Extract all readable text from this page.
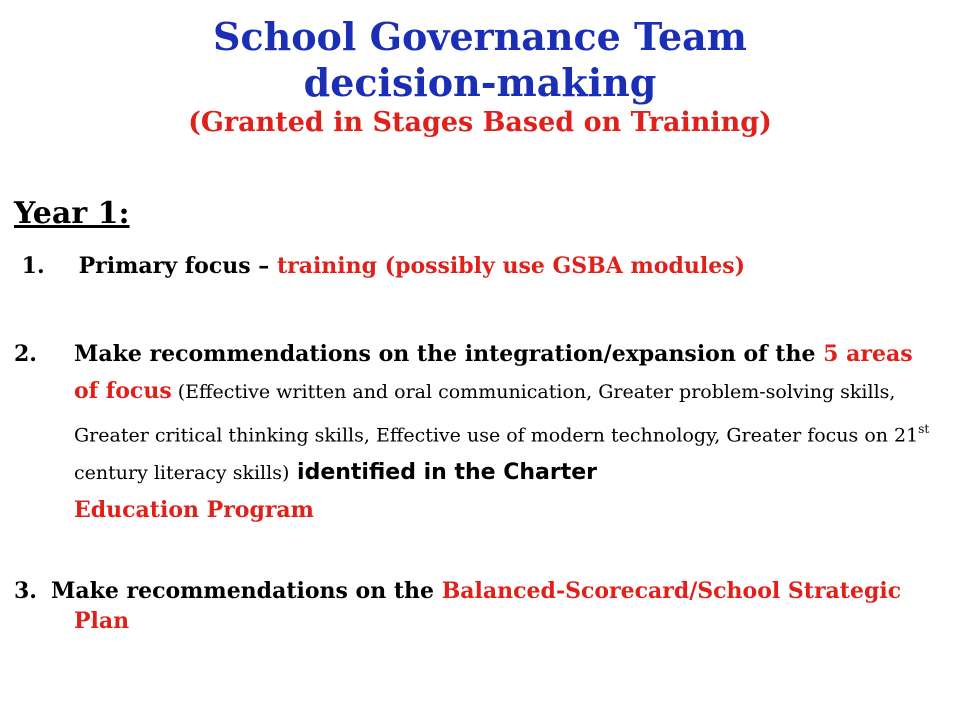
School Governance Team
decision-making
(Granted in Stages Based on Training)
Year 1:
1. Primary focus – training (possibly use GSBA modules)
2.
Make recommendations on the integration/expansion of the 5 areas of focus (Effective written and oral communication, Greater problem-solving skills, Greater critical thinking skills, Effective use of modern technology, Greater focus on 21st century literacy skills) identified in the Charter
Education Program
3. Make recommendations on the Balanced-Scorecard/School Strategic Plan
